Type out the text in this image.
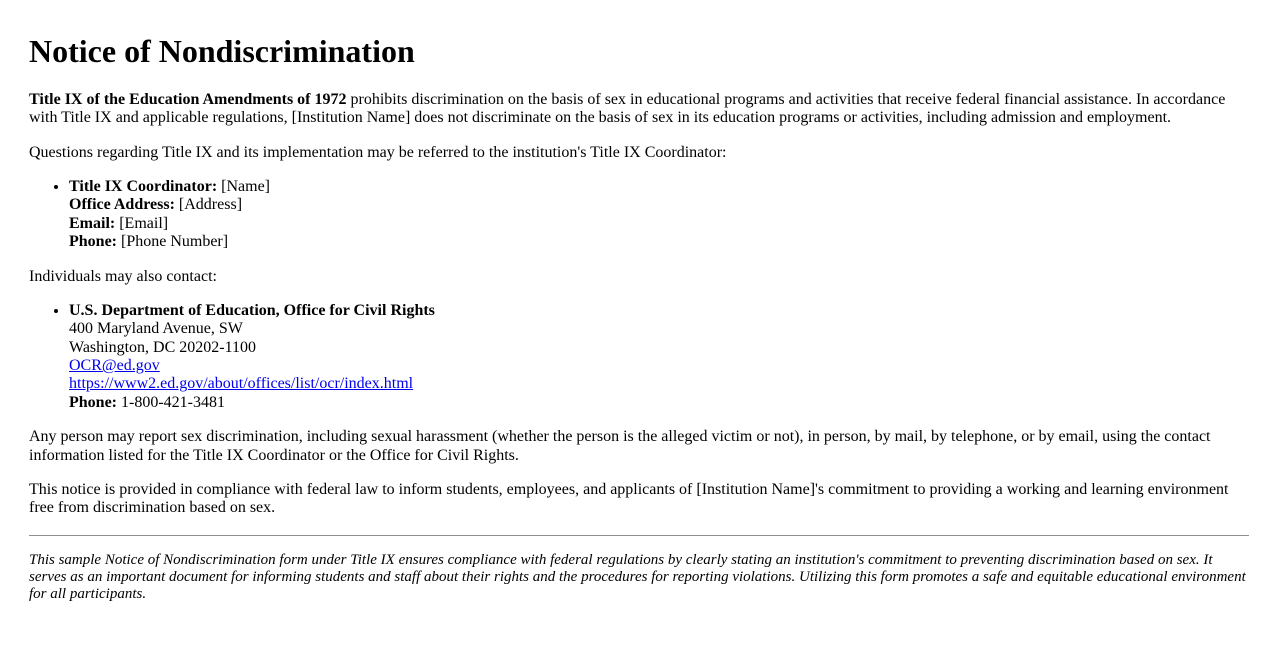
Notice of Nondiscrimination

Title IX of the Education Amendments of 1972 prohibits discrimination on the basis of sex in educational programs and activities that receive federal financial assistance. In accordance with Title IX and applicable regulations, [Institution Name] does not discriminate on the basis of sex in its education programs or activities, including admission and employment.

Questions regarding Title IX and its implementation may be referred to the institution's Title IX Coordinator:

• Title IX Coordinator: [Name]
Office Address: [Address]
Email: [Email]
Phone: [Phone Number]

Individuals may also contact:

• U.S. Department of Education, Office for Civil Rights
400 Maryland Avenue, SW
Washington, DC 20202-1100
OCR@ed.gov
https://www2.ed.gov/about/offices/list/ocr/index.html
Phone: 1-800-421-3481

Any person may report sex discrimination, including sexual harassment (whether the person is the alleged victim or not), in person, by mail, by telephone, or by email, using the contact information listed for the Title IX Coordinator or the Office for Civil Rights.

This notice is provided in compliance with federal law to inform students, employees, and applicants of [Institution Name]'s commitment to providing a working and learning environment free from discrimination based on sex.

This sample Notice of Nondiscrimination form under Title IX ensures compliance with federal regulations by clearly stating an institution's commitment to preventing discrimination based on sex. It serves as an important document for informing students and staff about their rights and the procedures for reporting violations. Utilizing this form promotes a safe and equitable educational environment for all participants.
